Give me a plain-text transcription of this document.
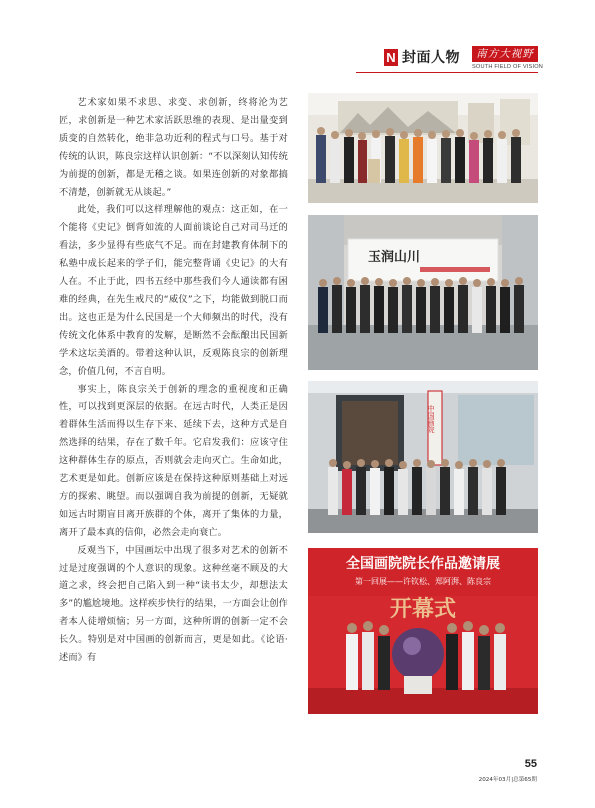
N 封面人物	南方大视野
SOUTH FIELD OF VISION

艺术家如果不求思、求变、求创新，终将沦为艺匠，求创新是一种艺术家活跃思维的表现、是出量变到质变的自然转化，绝非急功近利的程式与口号。基于对传统的认识，陈良宗这样认识创新：“不以深刻认知传统为前提的创新，都是无稽之谈。如果连创新的对象都搞不清楚，创新就无从谈起。”

此处，我们可以这样理解他的观点：这正如，在一个能将《史记》倒背如流的人面前谈论自己对司马迁的看法，多少显得有些底气不足。而在封建教育体制下的私塾中成长起来的学子们，能完整背诵《史记》的大有人在。不止于此，四书五经中那些我们今人通读都有困难的经典，在先生戒尺的“威仪”之下，均能做到脱口而出。这也正是为什么民国是一个大师频出的时代，没有传统文化体系中教育的发解，是断然不会酝酿出民国新学术这坛美酒的。带着这种认识，反观陈良宗的创新理念，价值几何，不言自明。

事实上，陈良宗关于创新的理念的重视度和正确性，可以找到更深层的依据。在远古时代，人类正是因着群体生活而得以生存下来、延续下去，这种方式是自然选择的结果，存在了数千年。它启发我们：应该守住这种群体生存的原点，否则就会走向灭亡。生命如此，艺术更是如此。创新应该是在保持这种原则基础上对远方的探索、眺望。而以强调自我为前提的创新，无疑就如远古时期盲目离开族群的个体，离开了集体的力量，离开了最本真的信仰，必然会走向衰亡。

反观当下，中国画坛中出现了很多对艺术的创新不过是过度强调的个人意识的现象。这种丝毫不顾及的大道之求，终会把自己陷入到一种“读书太少，却想法太多”的尴尬境地。这样疾步快行的结果，一方面会让创作者本人徒增烦恼；另一方面，这种所谓的创新一定不会长久。特别是对中国画的创新而言，更是如此。《论语·述而》有

玉润山川
中国画院
全国画院院长作品邀请展
第一回展——许钦松、郑阿湃、陈良宗
开幕式
55
2024年03月|总第65期
